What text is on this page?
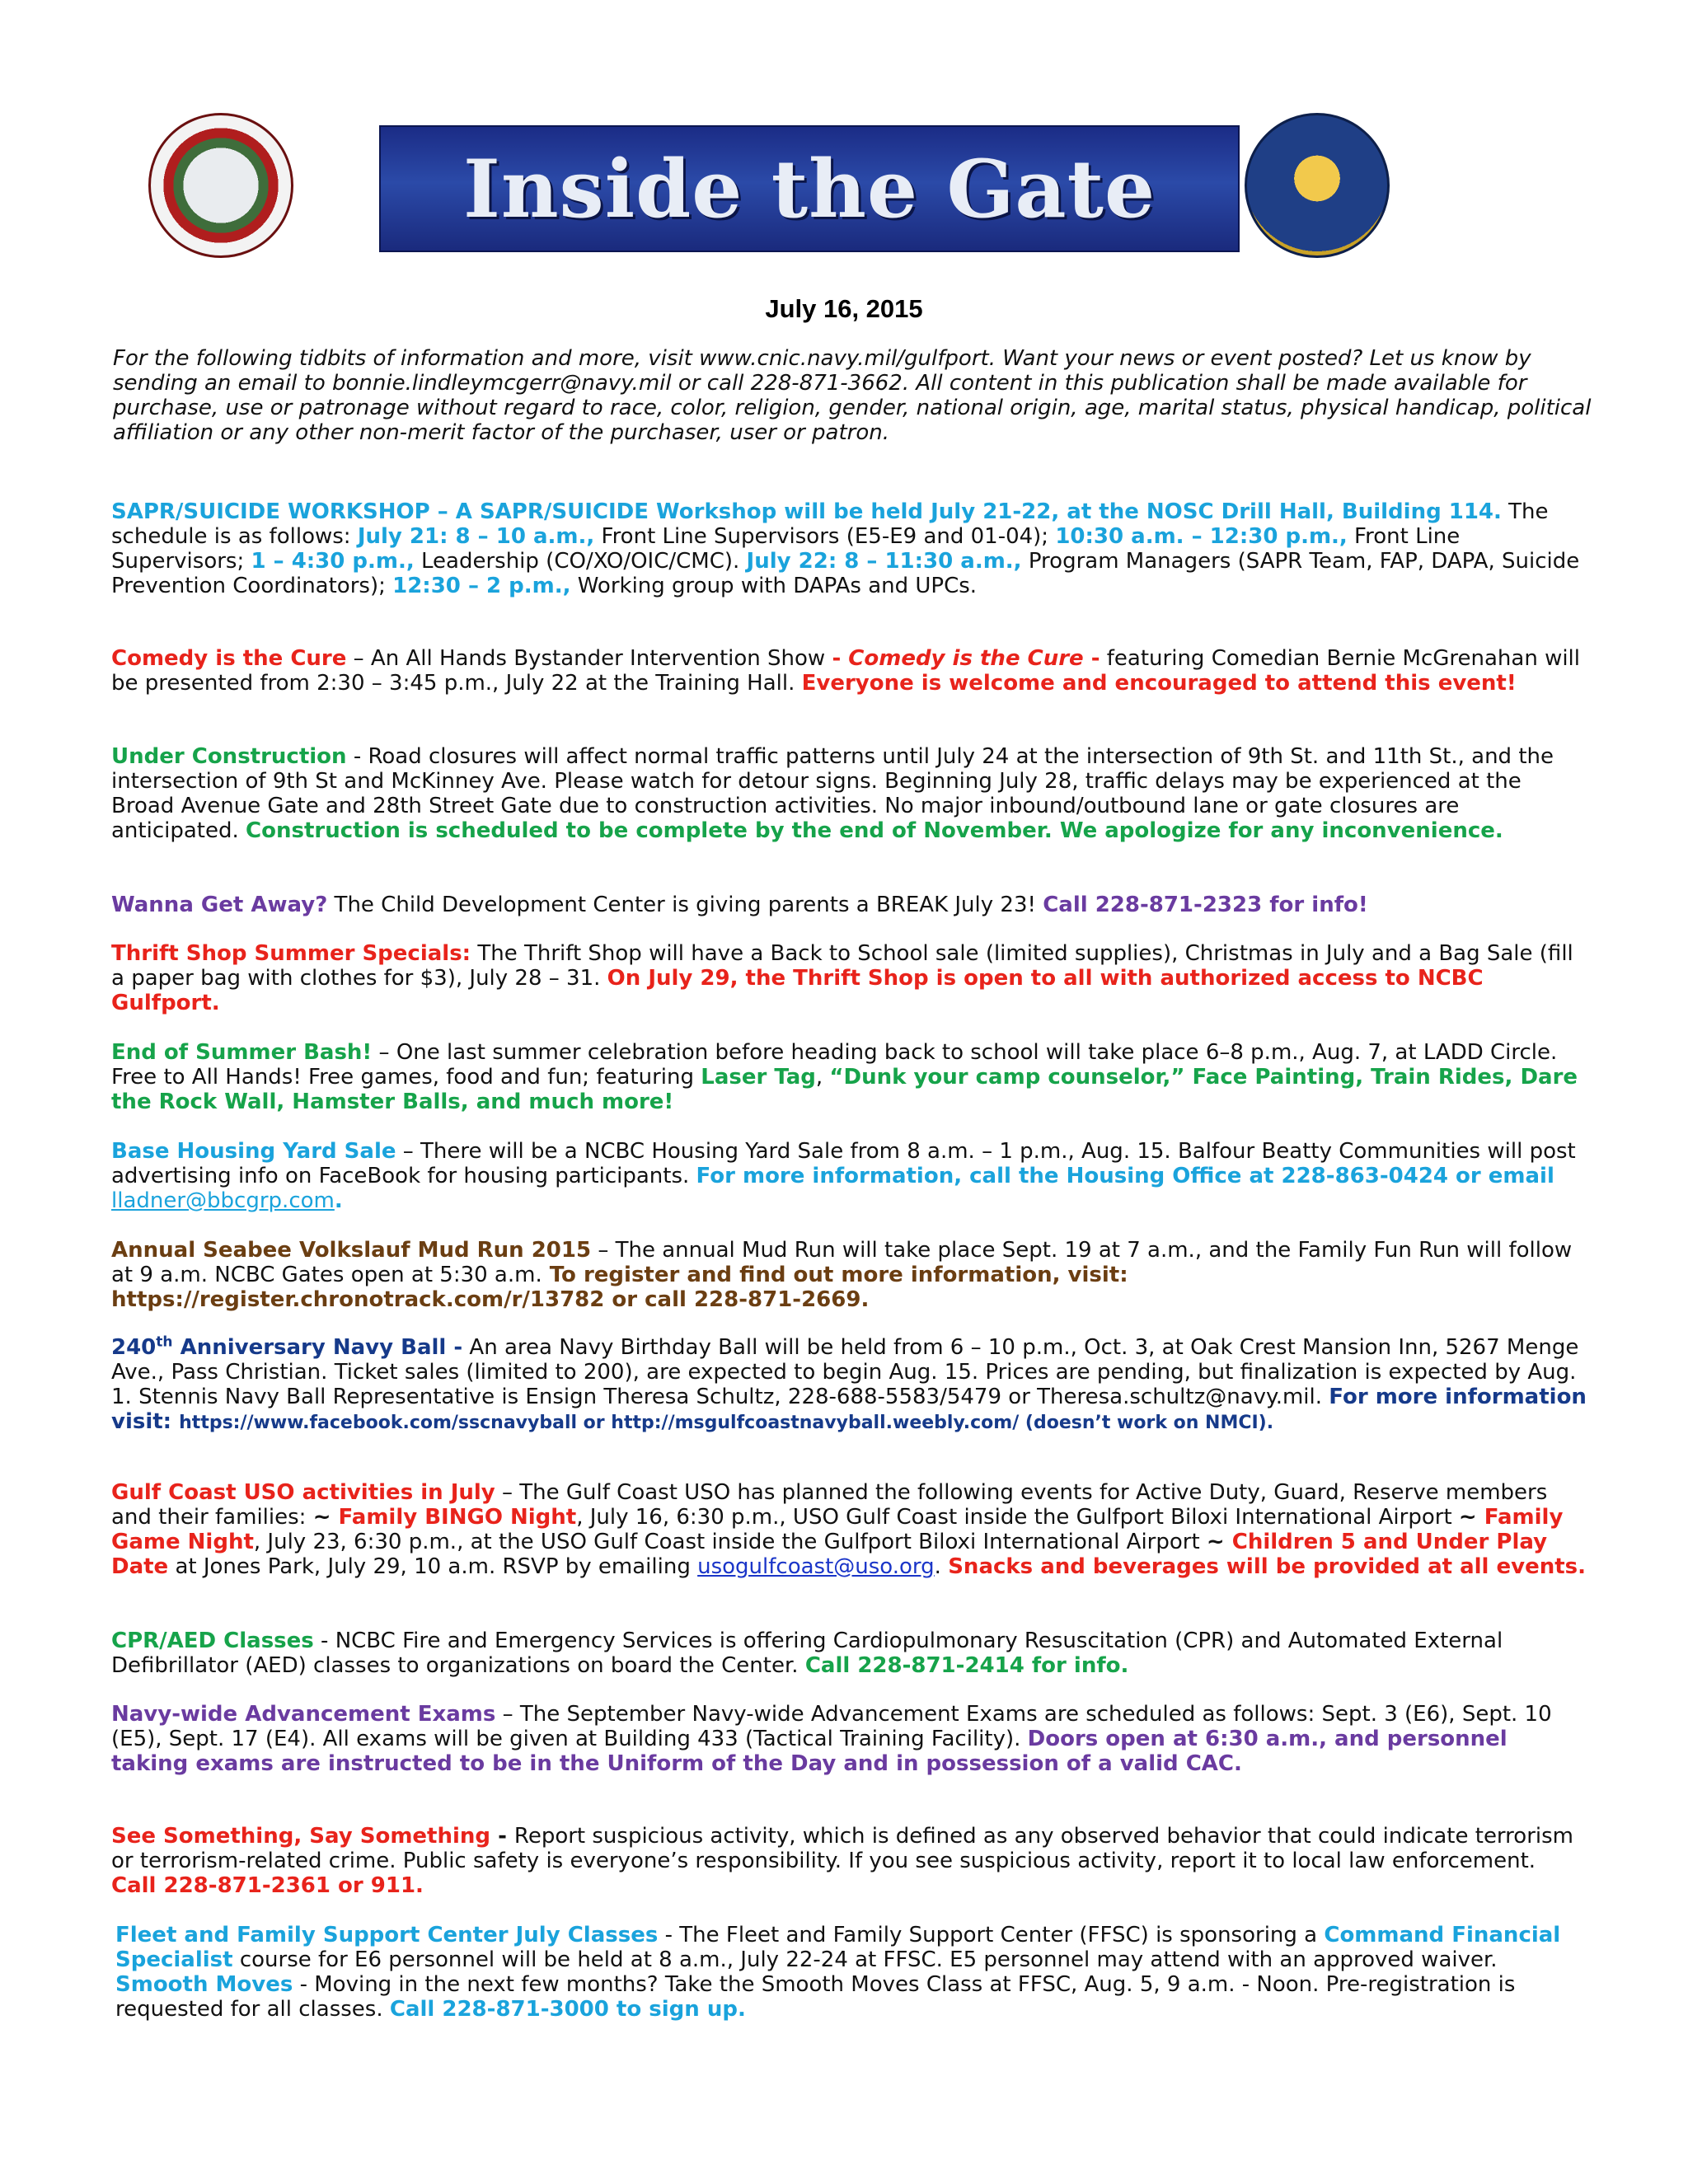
Inside the Gate
July 16, 2015
For the following tidbits of information and more, visit www.cnic.navy.mil/gulfport. Want your news or event posted? Let us know by sending an email to bonnie.lindleymcgerr@navy.mil or call 228-871-3662. All content in this publication shall be made available for purchase, use or patronage without regard to race, color, religion, gender, national origin, age, marital status, physical handicap, political affiliation or any other non-merit factor of the purchaser, user or patron.
SAPR/SUICIDE WORKSHOP – A SAPR/SUICIDE Workshop will be held July 21-22, at the NOSC Drill Hall, Building 114. The schedule is as follows: July 21: 8 – 10 a.m., Front Line Supervisors (E5-E9 and 01-04); 10:30 a.m. – 12:30 p.m., Front Line Supervisors; 1 – 4:30 p.m., Leadership (CO/XO/OIC/CMC). July 22: 8 – 11:30 a.m., Program Managers (SAPR Team, FAP, DAPA, Suicide Prevention Coordinators); 12:30 – 2 p.m., Working group with DAPAs and UPCs.
Comedy is the Cure – An All Hands Bystander Intervention Show - Comedy is the Cure - featuring Comedian Bernie McGrenahan will be presented from 2:30 – 3:45 p.m., July 22 at the Training Hall. Everyone is welcome and encouraged to attend this event!
Under Construction - Road closures will affect normal traffic patterns until July 24 at the intersection of 9th St. and 11th St., and the intersection of 9th St and McKinney Ave. Please watch for detour signs. Beginning July 28, traffic delays may be experienced at the Broad Avenue Gate and 28th Street Gate due to construction activities. No major inbound/outbound lane or gate closures are anticipated. Construction is scheduled to be complete by the end of November. We apologize for any inconvenience.
Wanna Get Away? The Child Development Center is giving parents a BREAK July 23! Call 228-871-2323 for info!
Thrift Shop Summer Specials: The Thrift Shop will have a Back to School sale (limited supplies), Christmas in July and a Bag Sale (fill a paper bag with clothes for $3), July 28 – 31. On July 29, the Thrift Shop is open to all with authorized access to NCBC Gulfport.
End of Summer Bash! – One last summer celebration before heading back to school will take place 6–8 p.m., Aug. 7, at LADD Circle. Free to All Hands! Free games, food and fun; featuring Laser Tag, “Dunk your camp counselor,” Face Painting, Train Rides, Dare the Rock Wall, Hamster Balls, and much more!
Base Housing Yard Sale – There will be a NCBC Housing Yard Sale from 8 a.m. – 1 p.m., Aug. 15. Balfour Beatty Communities will post advertising info on FaceBook for housing participants. For more information, call the Housing Office at 228-863-0424 or email lladner@bbcgrp.com.
Annual Seabee Volkslauf Mud Run 2015 – The annual Mud Run will take place Sept. 19 at 7 a.m., and the Family Fun Run will follow at 9 a.m. NCBC Gates open at 5:30 a.m. To register and find out more information, visit: https://register.chronotrack.com/r/13782 or call 228-871-2669.
240th Anniversary Navy Ball - An area Navy Birthday Ball will be held from 6 – 10 p.m., Oct. 3, at Oak Crest Mansion Inn, 5267 Menge Ave., Pass Christian. Ticket sales (limited to 200), are expected to begin Aug. 15. Prices are pending, but finalization is expected by Aug. 1. Stennis Navy Ball Representative is Ensign Theresa Schultz, 228-688-5583/5479 or Theresa.schultz@navy.mil. For more information visit: https://www.facebook.com/sscnavyball or http://msgulfcoastnavyball.weebly.com/ (doesn’t work on NMCI).
Gulf Coast USO activities in July – The Gulf Coast USO has planned the following events for Active Duty, Guard, Reserve members and their families: ~ Family BINGO Night, July 16, 6:30 p.m., USO Gulf Coast inside the Gulfport Biloxi International Airport ~ Family Game Night, July 23, 6:30 p.m., at the USO Gulf Coast inside the Gulfport Biloxi International Airport ~ Children 5 and Under Play Date at Jones Park, July 29, 10 a.m. RSVP by emailing usogulfcoast@uso.org. Snacks and beverages will be provided at all events.
CPR/AED Classes - NCBC Fire and Emergency Services is offering Cardiopulmonary Resuscitation (CPR) and Automated External Defibrillator (AED) classes to organizations on board the Center. Call 228-871-2414 for info.
Navy-wide Advancement Exams – The September Navy-wide Advancement Exams are scheduled as follows: Sept. 3 (E6), Sept. 10 (E5), Sept. 17 (E4). All exams will be given at Building 433 (Tactical Training Facility). Doors open at 6:30 a.m., and personnel taking exams are instructed to be in the Uniform of the Day and in possession of a valid CAC.
See Something, Say Something - Report suspicious activity, which is defined as any observed behavior that could indicate terrorism or terrorism-related crime. Public safety is everyone’s responsibility. If you see suspicious activity, report it to local law enforcement. Call 228-871-2361 or 911.
Fleet and Family Support Center July Classes - The Fleet and Family Support Center (FFSC) is sponsoring a Command Financial Specialist course for E6 personnel will be held at 8 a.m., July 22-24 at FFSC. E5 personnel may attend with an approved waiver. Smooth Moves - Moving in the next few months? Take the Smooth Moves Class at FFSC, Aug. 5, 9 a.m. - Noon. Pre-registration is requested for all classes. Call 228-871-3000 to sign up.
